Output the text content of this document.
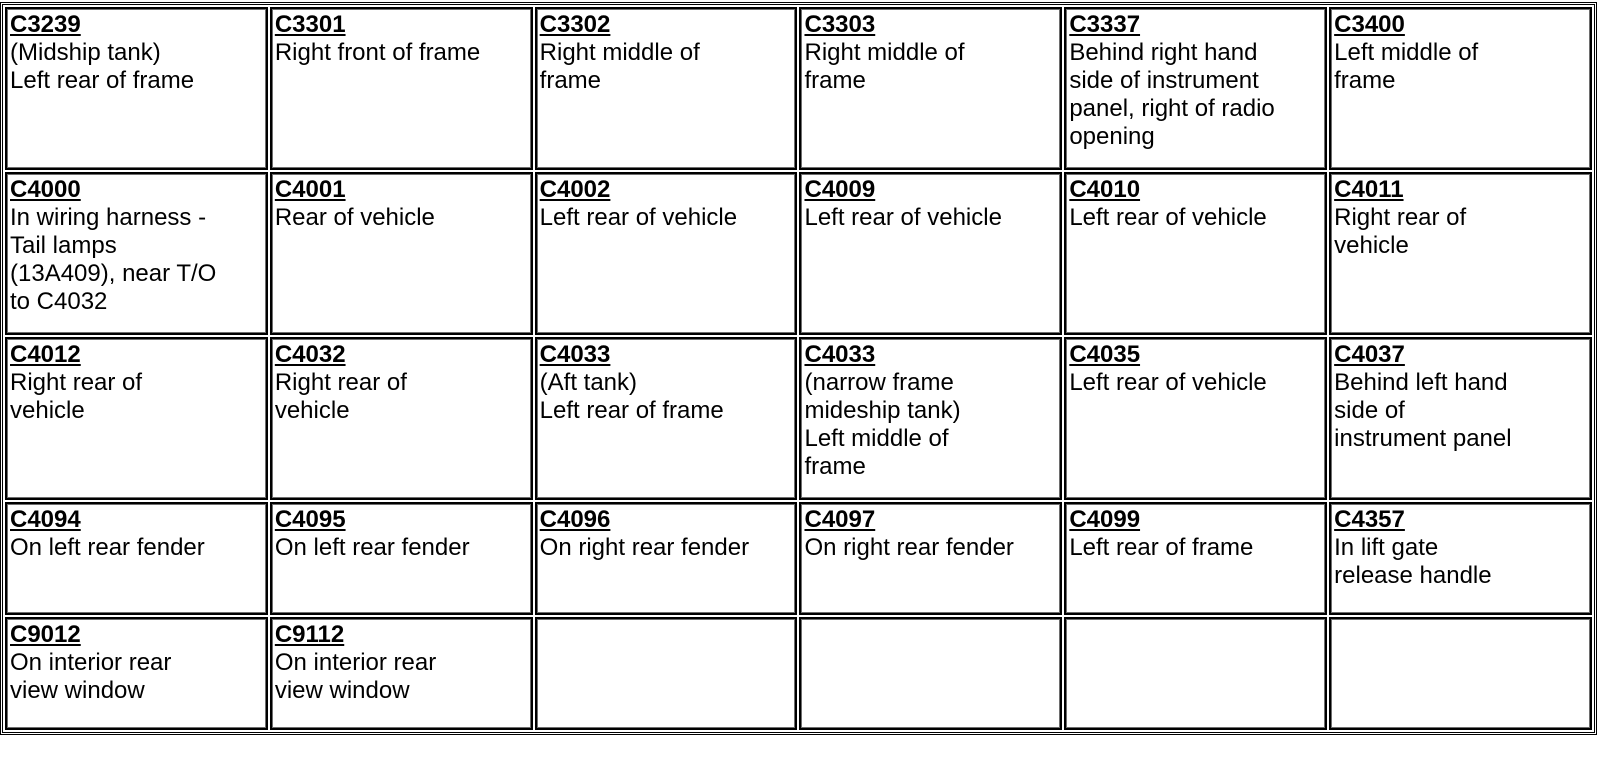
C3239
(Midship tank)
Left rear of frame	C3301
Right front of frame	C3302
Right middle of
frame	C3303
Right middle of
frame	C3337
Behind right hand
side of instrument
panel, right of radio
opening	C3400
Left middle of
frame

C4000
In wiring harness -
Tail lamps
(13A409), near T/O
to C4032	C4001
Rear of vehicle	C4002
Left rear of vehicle	C4009
Left rear of vehicle	C4010
Left rear of vehicle	C4011
Right rear of
vehicle

C4012
Right rear of
vehicle	C4032
Right rear of
vehicle	C4033
(Aft tank)
Left rear of frame	C4033
(narrow frame
mideship tank)
Left middle of
frame	C4035
Left rear of vehicle	C4037
Behind left hand
side of
instrument panel

C4094
On left rear fender	C4095
On left rear fender	C4096
On right rear fender	C4097
On right rear fender	C4099
Left rear of frame	C4357
In lift gate
release handle

C9012
On interior rear
view window	C9112
On interior rear
view window				
